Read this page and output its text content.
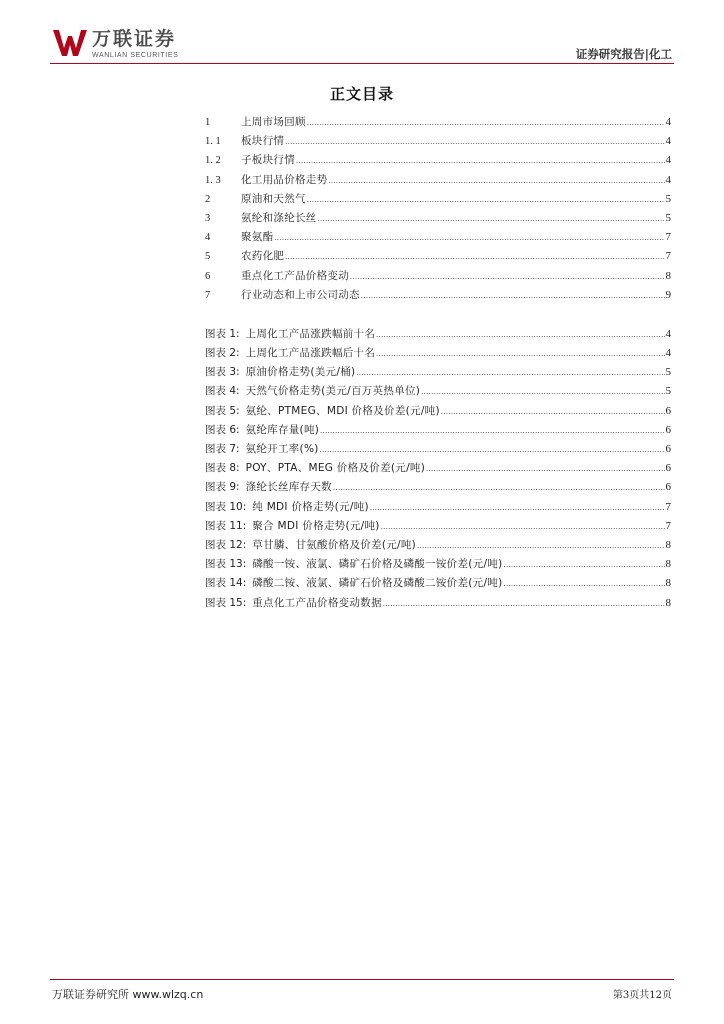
万联证券
WANLIAN SECURITIES	证券研究报告|化工
正文目录
1	上周市场回顾 .....	4
1. 1	板块行情 .....	4
1. 2	子板块行情 .....	4
1. 3	化工用品价格走势 .....	4
2	原油和天然气 .....	5
3	氨纶和涤纶长丝 .....	5
4	聚氨酯 .....	7
5	农药化肥 .....	7
6	重点化工产品价格变动 .....	8
7	行业动态和上市公司动态 .....	9
图表 1: 上周化工产品涨跌幅前十名 .....	4
图表 2: 上周化工产品涨跌幅后十名 .....	4
图表 3: 原油价格走势(美元/桶) .....	5
图表 4: 天然气价格走势(美元/百万英热单位) .....	5
图表 5: 氨纶、PTMEG、MDI 价格及价差(元/吨) .....	6
图表 6: 氨纶库存量(吨) .....	6
图表 7: 氨纶开工率(%) .....	6
图表 8: POY、PTA、MEG 价格及价差(元/吨) .....	6
图表 9: 涤纶长丝库存天数 .....	6
图表 10: 纯 MDI 价格走势(元/吨) .....	7
图表 11: 聚合 MDI 价格走势(元/吨) .....	7
图表 12: 草甘膦、甘氨酸价格及价差(元/吨) .....	8
图表 13: 磷酸一铵、液氯、磷矿石价格及磷酸一铵价差(元/吨) .....	8
图表 14: 磷酸二铵、液氯、磷矿石价格及磷酸二铵价差(元/吨) .....	8
图表 15: 重点化工产品价格变动数据 .....	8
万联证券研究所 www.wlzq.cn	第3页共12页
